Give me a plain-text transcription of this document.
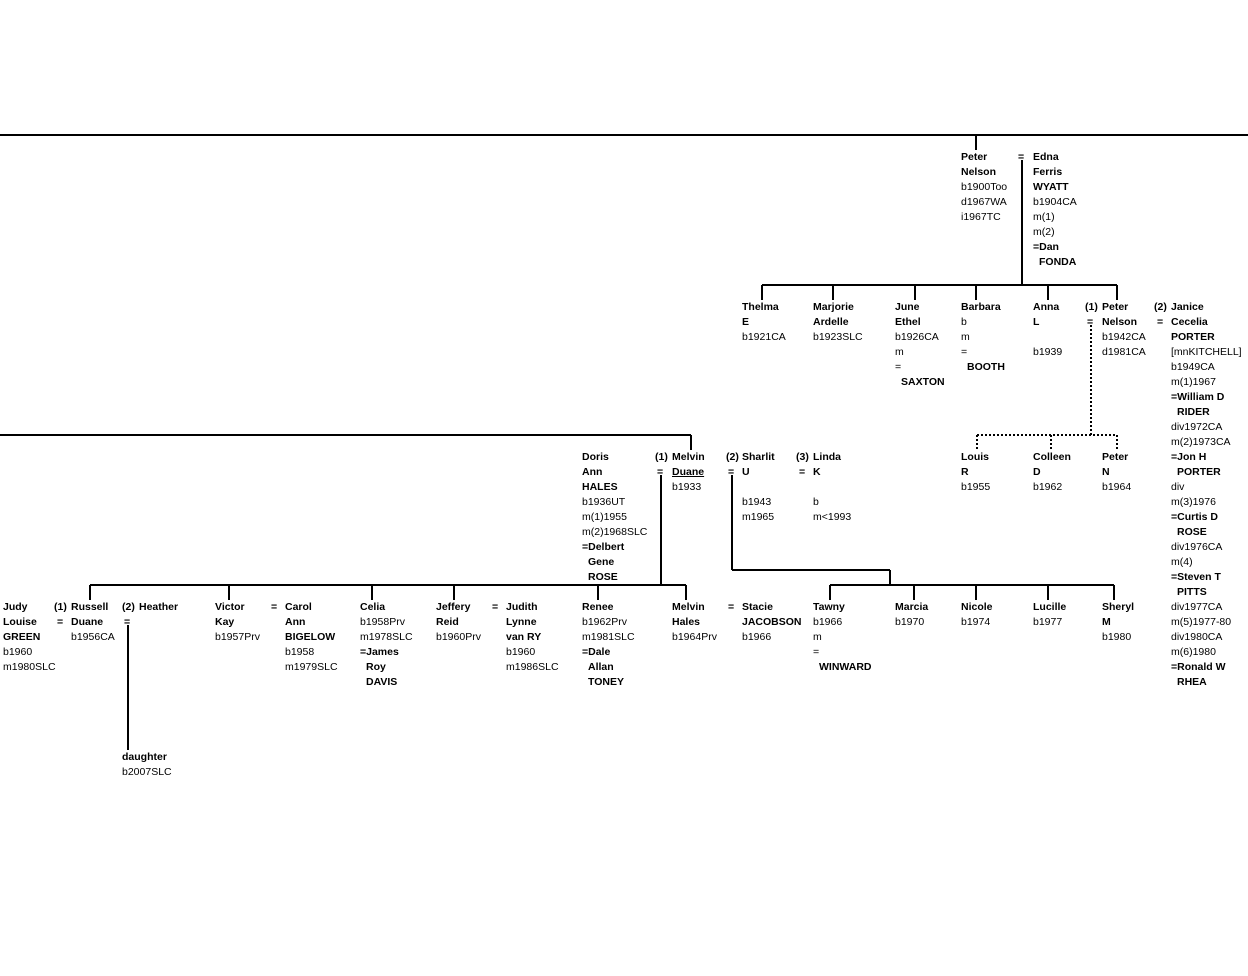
Peter
Nelson
b1900Too
d1967WA
i1967TC
= Edna
Ferris
WYATT
b1904CA
m(1)
m(2)
=Dan
FONDA
Thelma
E
b1921CA
Marjorie
Ardelle
b1923SLC
June
Ethel
b1926CA
m
=
SAXTON
Barbara
b
m
=
BOOTH
Anna
L

b1939
(1)
=
Peter
Nelson
b1942CA
d1981CA
(2)
=
Janice
Cecelia
PORTER
[mnKITCHELL]
b1949CA
m(1)1967
=William D
RIDER
div1972CA
m(2)1973CA
=Jon H
PORTER
div
m(3)1976
=Curtis D
ROSE
div1976CA
m(4)
=Steven T
PITTS
div1977CA
m(5)1977-80
div1980CA
m(6)1980
=Ronald W
RHEA
Louis
R
b1955
Colleen
D
b1962
Peter
N
b1964
Doris
Ann
HALES
b1936UT
m(1)1955
m(2)1968SLC
=Delbert
Gene
ROSE
(1)
=
Melvin
Duane
b1933
(2)
=
Sharlit
U

b1943
m1965
(3)
=
Linda
K

b
m<1993
Judy
Louise
GREEN
b1960
m1980SLC
=
(1) Russell
Duane
b1956CA
(2)
=
Heather	Victor
Kay
b1957Prv
= Carol
Ann
BIGELOW
b1958
m1979SLC
Celia
b1958Prv
m1978SLC
=James
Roy
DAVIS
Jeffery
Reid
b1960Prv
= Judith
Lynne
van RY
b1960
m1986SLC
Renee
b1962Prv
m1981SLC
=Dale
Allan
TONEY
Melvin
Hales
b1964Prv
= Stacie
JACOBSON
b1966
Tawny
b1966
m
=
WINWARD
Marcia
b1970
Nicole
b1974
Lucille
b1977
Sheryl
M
b1980
daughter
b2007SLC
